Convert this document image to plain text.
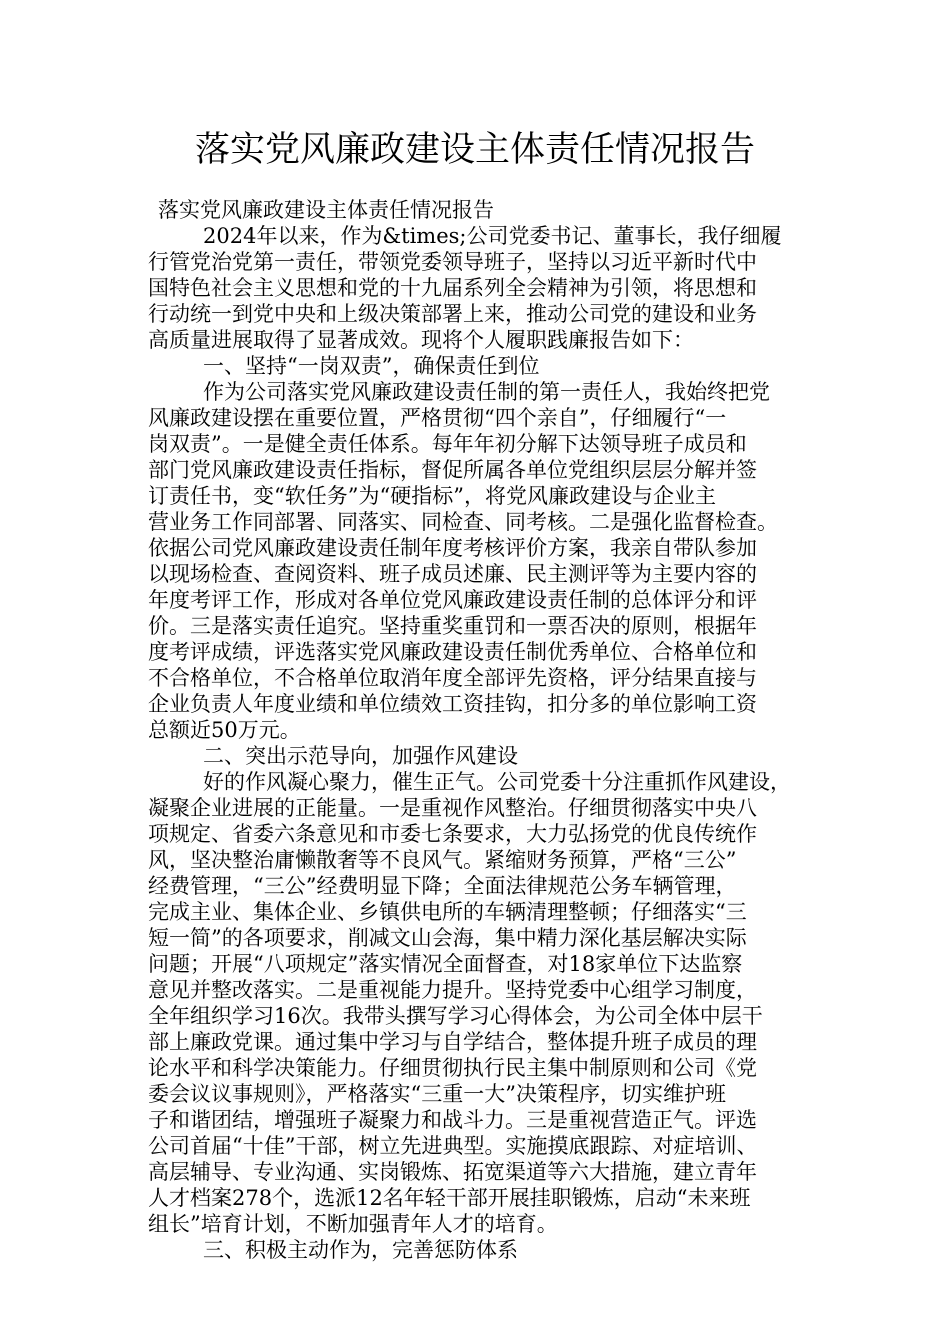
落实党风廉政建设主体责任情况报告

落实党风廉政建设主体责任情况报告

2024年以来，作为&times;公司党委书记、董事长，我仔细履

行管党治党第一责任，带领党委领导班子，坚持以习近平新时代中

国特色社会主义思想和党的十九届系列全会精神为引领，将思想和

行动统一到党中央和上级决策部署上来，推动公司党的建设和业务

高质量进展取得了显著成效。现将个人履职践廉报告如下：

一、坚持“一岗双责”，确保责任到位

作为公司落实党风廉政建设责任制的第一责任人，我始终把党

风廉政建设摆在重要位置，严格贯彻“四个亲自”，仔细履行“一

岗双责”。一是健全责任体系。每年年初分解下达领导班子成员和

部门党风廉政建设责任指标，督促所属各单位党组织层层分解并签

订责任书，变“软任务”为“硬指标”，将党风廉政建设与企业主

营业务工作同部署、同落实、同检查、同考核。二是强化监督检查。

依据公司党风廉政建设责任制年度考核评价方案，我亲自带队参加

以现场检查、查阅资料、班子成员述廉、民主测评等为主要内容的

年度考评工作，形成对各单位党风廉政建设责任制的总体评分和评

价。三是落实责任追究。坚持重奖重罚和一票否决的原则，根据年

度考评成绩，评选落实党风廉政建设责任制优秀单位、合格单位和

不合格单位，不合格单位取消年度全部评先资格，评分结果直接与

企业负责人年度业绩和单位绩效工资挂钩，扣分多的单位影响工资

总额近50万元。

二、突出示范导向，加强作风建设

好的作风凝心聚力，催生正气。公司党委十分注重抓作风建设，

凝聚企业进展的正能量。一是重视作风整治。仔细贯彻落实中央八

项规定、省委六条意见和市委七条要求，大力弘扬党的优良传统作

风，坚决整治庸懒散奢等不良风气。紧缩财务预算，严格“三公”

经费管理，“三公”经费明显下降；全面法律规范公务车辆管理，

完成主业、集体企业、乡镇供电所的车辆清理整顿；仔细落实“三

短一简”的各项要求，削减文山会海，集中精力深化基层解决实际

问题；开展“八项规定”落实情况全面督查，对18家单位下达监察

意见并整改落实。二是重视能力提升。坚持党委中心组学习制度，

全年组织学习16次。我带头撰写学习心得体会，为公司全体中层干

部上廉政党课。通过集中学习与自学结合，整体提升班子成员的理

论水平和科学决策能力。仔细贯彻执行民主集中制原则和公司《党

委会议议事规则》，严格落实“三重一大”决策程序，切实维护班

子和谐团结，增强班子凝聚力和战斗力。三是重视营造正气。评选

公司首届“十佳”干部，树立先进典型。实施摸底跟踪、对症培训、

高层辅导、专业沟通、实岗锻炼、拓宽渠道等六大措施，建立青年

人才档案278个，选派12名年轻干部开展挂职锻炼，启动“未来班

组长”培育计划，不断加强青年人才的培育。

三、积极主动作为，完善惩防体系
